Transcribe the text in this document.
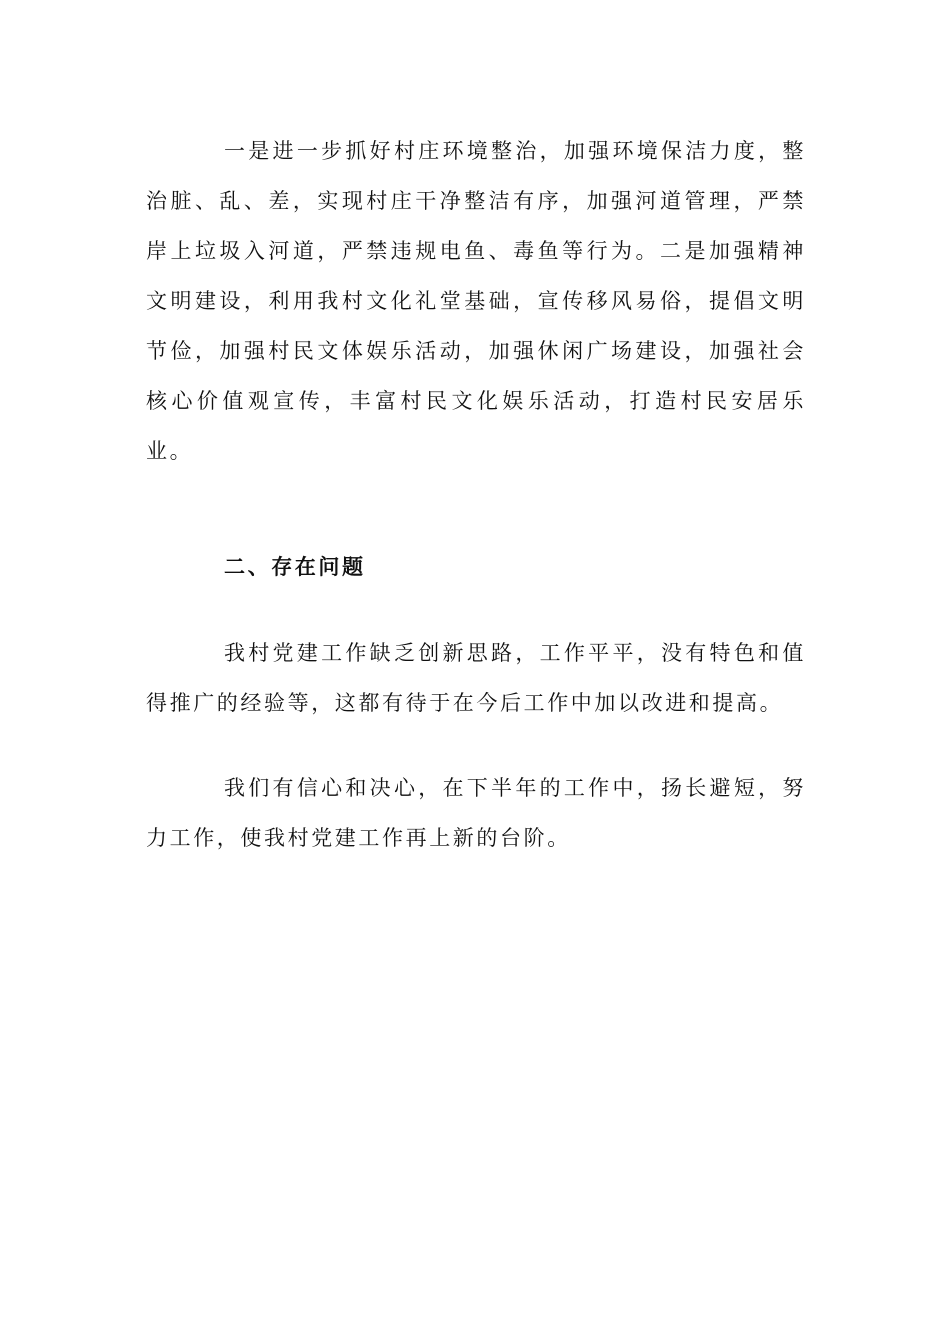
一是进一步抓好村庄环境整治，加强环境保洁力度，整治脏、乱、差，实现村庄干净整洁有序，加强河道管理，严禁岸上垃圾入河道，严禁违规电鱼、毒鱼等行为。二是加强精神文明建设，利用我村文化礼堂基础，宣传移风易俗，提倡文明节俭，加强村民文体娱乐活动，加强休闲广场建设，加强社会核心价值观宣传，丰富村民文化娱乐活动，打造村民安居乐业。

二、存在问题

我村党建工作缺乏创新思路，工作平平，没有特色和值得推广的经验等，这都有待于在今后工作中加以改进和提高。

我们有信心和决心，在下半年的工作中，扬长避短，努力工作，使我村党建工作再上新的台阶。
